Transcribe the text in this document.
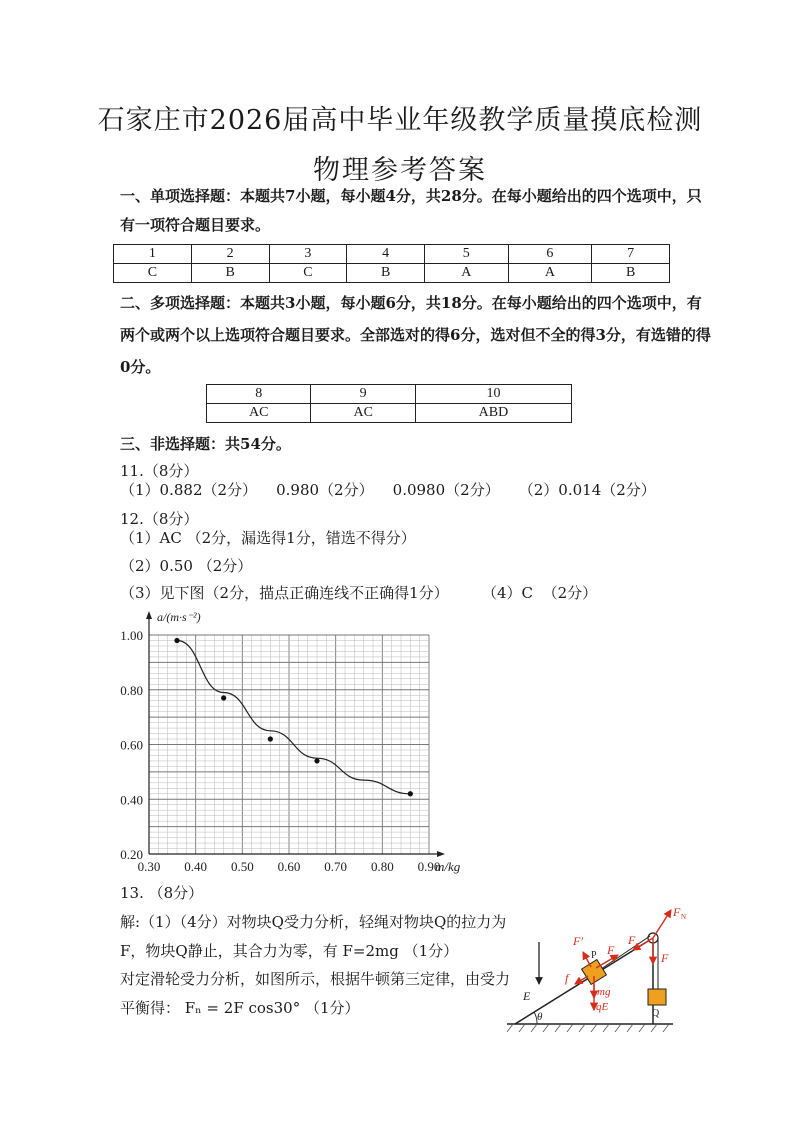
石家庄市2026届高中毕业年级教学质量摸底检测
物理参考答案
一、单项选择题：本题共7小题，每小题4分，共28分。在每小题给出的四个选项中，只
有一项符合题目要求。
1	2	3	4	5	6	7
C	B	C	B	A	A	B
二、多项选择题：本题共3小题，每小题6分，共18分。在每小题给出的四个选项中，有
两个或两个以上选项符合题目要求。全部选对的得6分，选对但不全的得3分，有选错的得
0分。
8	9	10
AC	AC	ABD
三、非选择题：共54分。
11.（8分）
（1）0.882（2分）    0.980（2分）    0.0980（2分）    （2）0.014（2分）
12.（8分）
（1）AC （2分，漏选得1分，错选不得分）
（2）0.50 （2分）
（3）见下图（2分，描点正确连线不正确得1分）       （4）C  （2分）
0.30 0.40 0.50 0.60 0.70 0.80 0.90
0.20
0.40
0.60
0.80
1.00
m/kg
a/(m·s⁻²)
13. （8分）
解:（1）（4分）对物块Q受力分析，轻绳对物块Q的拉力为
F，物块Q静止，其合力为零，有 F=2mg （1分）
对定滑轮受力分析，如图所示，根据牛顿第三定律，由受力
平衡得： Fₙ = 2F cos30° （1分）
F N
F′
P F
F
F
f
mg
qE
E
θ	Q
